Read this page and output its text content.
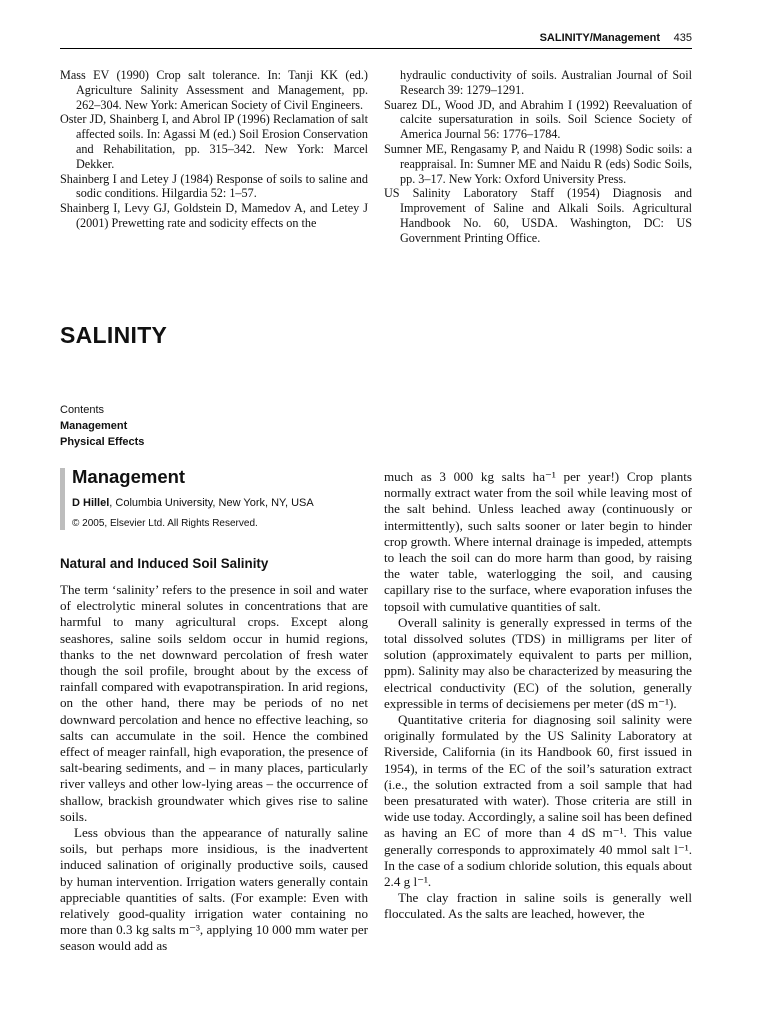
SALINITY/Management 435

Mass EV (1990) Crop salt tolerance. In: Tanji KK (ed.) Agriculture Salinity Assessment and Management, pp. 262–304. New York: American Society of Civil Engineers.

Oster JD, Shainberg I, and Abrol IP (1996) Reclamation of salt affected soils. In: Agassi M (ed.) Soil Erosion Conservation and Rehabilitation, pp. 315–342. New York: Marcel Dekker.

Shainberg I and Letey J (1984) Response of soils to saline and sodic conditions. Hilgardia 52: 1–57.

Shainberg I, Levy GJ, Goldstein D, Mamedov A, and Letey J (2001) Prewetting rate and sodicity effects on the

hydraulic conductivity of soils. Australian Journal of Soil Research 39: 1279–1291.

Suarez DL, Wood JD, and Abrahim I (1992) Reevaluation of calcite supersaturation in soils. Soil Science Society of America Journal 56: 1776–1784.

Sumner ME, Rengasamy P, and Naidu R (1998) Sodic soils: a reappraisal. In: Sumner ME and Naidu R (eds) Sodic Soils, pp. 3–17. New York: Oxford University Press.

US Salinity Laboratory Staff (1954) Diagnosis and Improvement of Saline and Alkali Soils. Agricultural Handbook No. 60, USDA. Washington, DC: US Government Printing Office.

SALINITY
Contents
Management
Physical Effects
Management
D Hillel, Columbia University, New York, NY, USA
© 2005, Elsevier Ltd. All Rights Reserved.
Natural and Induced Soil Salinity

The term ‘salinity’ refers to the presence in soil and water of electrolytic mineral solutes in concentrations that are harmful to many agricultural crops. Except along seashores, saline soils seldom occur in humid regions, thanks to the net downward percolation of fresh water though the soil profile, brought about by the excess of rainfall compared with evapotranspiration. In arid regions, on the other hand, there may be periods of no net downward percolation and hence no effective leaching, so salts can accumulate in the soil. Hence the combined effect of meager rainfall, high evaporation, the presence of salt-bearing sediments, and – in many places, particularly river valleys and other low-lying areas – the occurrence of shallow, brackish groundwater which gives rise to saline soils.

Less obvious than the appearance of naturally saline soils, but perhaps more insidious, is the inadvertent induced salination of originally productive soils, caused by human intervention. Irrigation waters generally contain appreciable quantities of salts. (For example: Even with relatively good-quality irrigation water containing no more than 0.3 kg salts m⁻³, applying 10 000 mm water per season would add as

much as 3 000 kg salts ha⁻¹ per year!) Crop plants normally extract water from the soil while leaving most of the salt behind. Unless leached away (continuously or intermittently), such salts sooner or later begin to hinder crop growth. Where internal drainage is impeded, attempts to leach the soil can do more harm than good, by raising the water table, waterlogging the soil, and causing capillary rise to the surface, where evaporation infuses the topsoil with cumulative quantities of salt.

Overall salinity is generally expressed in terms of the total dissolved solutes (TDS) in milligrams per liter of solution (approximately equivalent to parts per million, ppm). Salinity may also be characterized by measuring the electrical conductivity (EC) of the solution, generally expressible in terms of decisiemens per meter (dS m⁻¹).

Quantitative criteria for diagnosing soil salinity were originally formulated by the US Salinity Laboratory at Riverside, California (in its Handbook 60, first issued in 1954), in terms of the EC of the soil’s saturation extract (i.e., the solution extracted from a soil sample that had been presaturated with water). Those criteria are still in wide use today. Accordingly, a saline soil has been defined as having an EC of more than 4 dS m⁻¹. This value generally corresponds to approximately 40 mmol salt l⁻¹. In the case of a sodium chloride solution, this equals about 2.4 g l⁻¹.

The clay fraction in saline soils is generally well flocculated. As the salts are leached, however, the
